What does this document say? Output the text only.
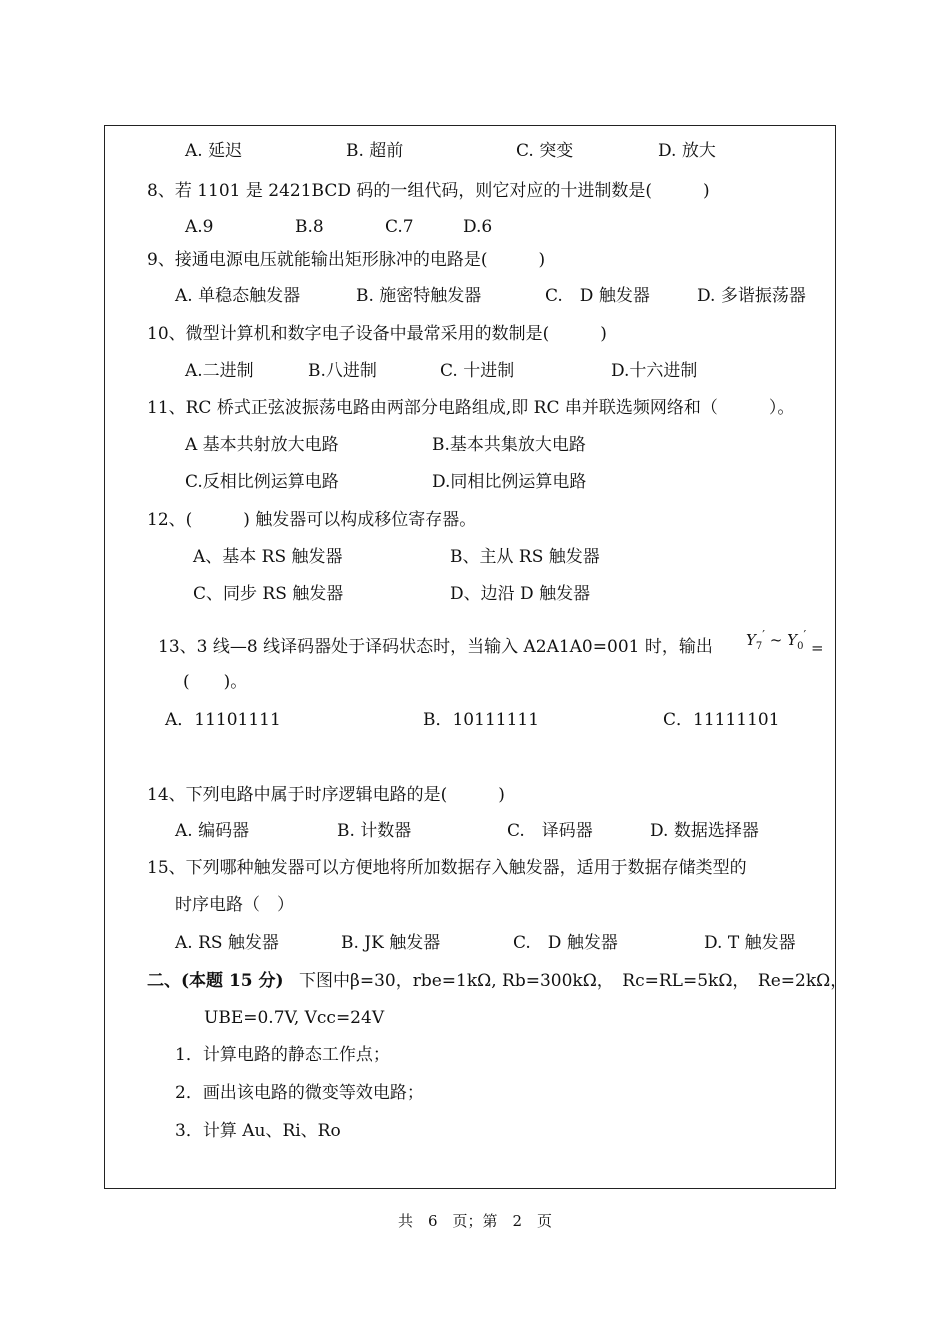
A. 延迟	B. 超前	C. 突变	D. 放大
8、若 1101 是 2421BCD 码的一组代码，则它对应的十进制数是(　　　)
A.9	B.8	C.7	D.6
9、接通电源电压就能输出矩形脉冲的电路是(　　　)
A. 单稳态触发器	B. 施密特触发器	C.　D 触发器	D. 多谐振荡器
10、微型计算机和数字电子设备中最常采用的数制是(　　　)
A.二进制	B.八进制	C. 十进制	D.十六进制
11、RC 桥式正弦波振荡电路由两部分电路组成,即 RC 串并联选频网络和（　　　）。
A 基本共射放大电路	B.基本共集放大电路
C.反相比例运算电路	D.同相比例运算电路
12、(　　　) 触发器可以构成移位寄存器。
A、基本 RS 触发器	B、主从 RS 触发器
C、同步 RS 触发器	D、边沿 D 触发器
13、3 线—8 线译码器处于译码状态时，当输入 A2A1A0=001 时，输出 $Y_7'$ ~ $Y_0'$ =
(　　)。
A．11101111	B．10111111	C．11111101
14、下列电路中属于时序逻辑电路的是(　　　)
A. 编码器	B. 计数器	C.　译码器	D. 数据选择器
15、下列哪种触发器可以方便地将所加数据存入触发器，适用于数据存储类型的
时序电路（　）
A. RS 触发器	B. JK 触发器	C.　D 触发器	D. T 触发器
二、(本题 15 分) 下图中β=30，rbe=1kΩ, Rb=300kΩ，　Rc=RL=5kΩ，　Re=2kΩ，
UBE=0.7V, Vcc=24V
1．计算电路的静态工作点；
2．画出该电路的微变等效电路；
3．计算 Au、Ri、Ro
共　6　页；第　2　页
